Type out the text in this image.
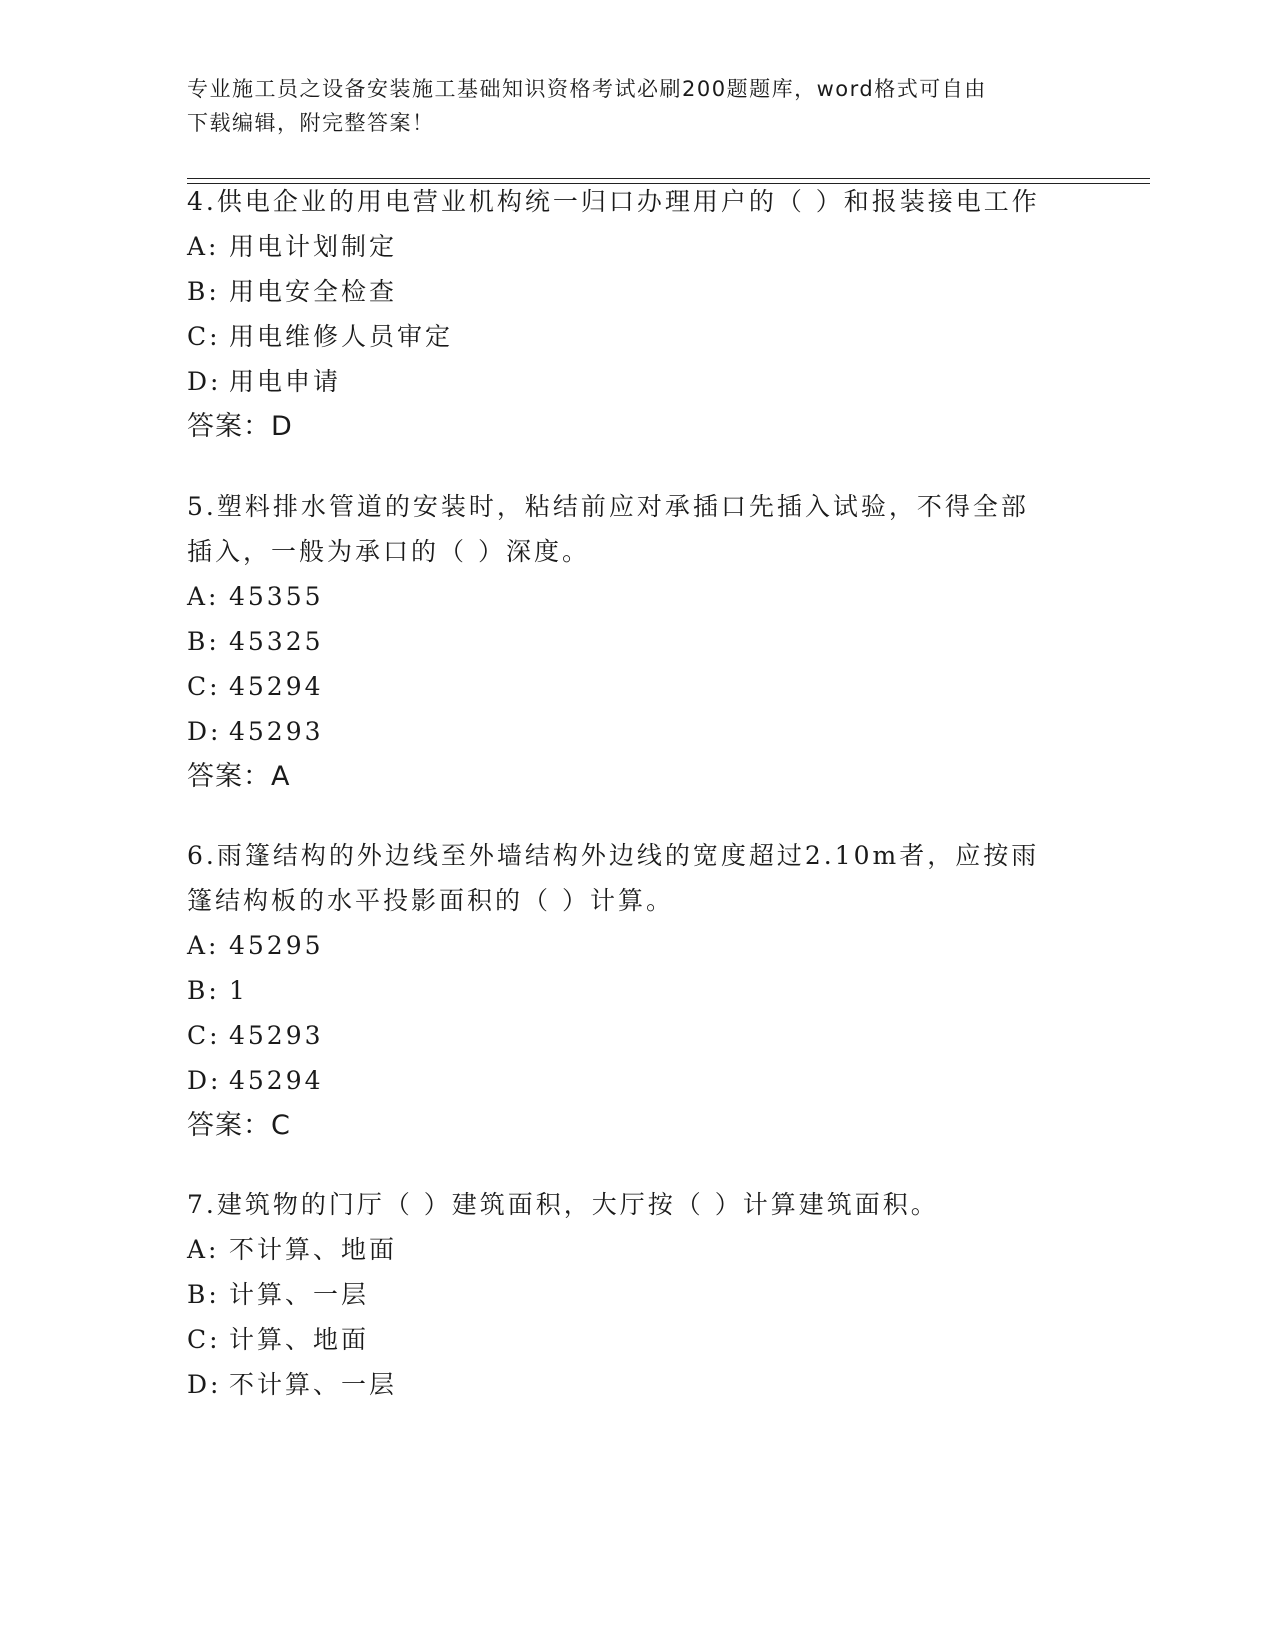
专业施工员之设备安装施工基础知识资格考试必刷200题题库，word格式可自由
下载编辑，附完整答案！

4.供电企业的用电营业机构统一归口办理用户的（ ）和报装接电工作

A: 用电计划制定

B: 用电安全检查

C: 用电维修人员审定

D: 用电申请

答案：D

5.塑料排水管道的安装时，粘结前应对承插口先插入试验，不得全部

插入，一般为承口的（ ）深度。

A: 45355

B: 45325

C: 45294

D: 45293

答案：A

6.雨篷结构的外边线至外墙结构外边线的宽度超过2.10m者，应按雨

篷结构板的水平投影面积的（ ）计算。

A: 45295

B: 1

C: 45293

D: 45294

答案：C

7.建筑物的门厅（ ）建筑面积，大厅按（ ）计算建筑面积。

A: 不计算、地面

B: 计算、一层

C: 计算、地面

D: 不计算、一层
